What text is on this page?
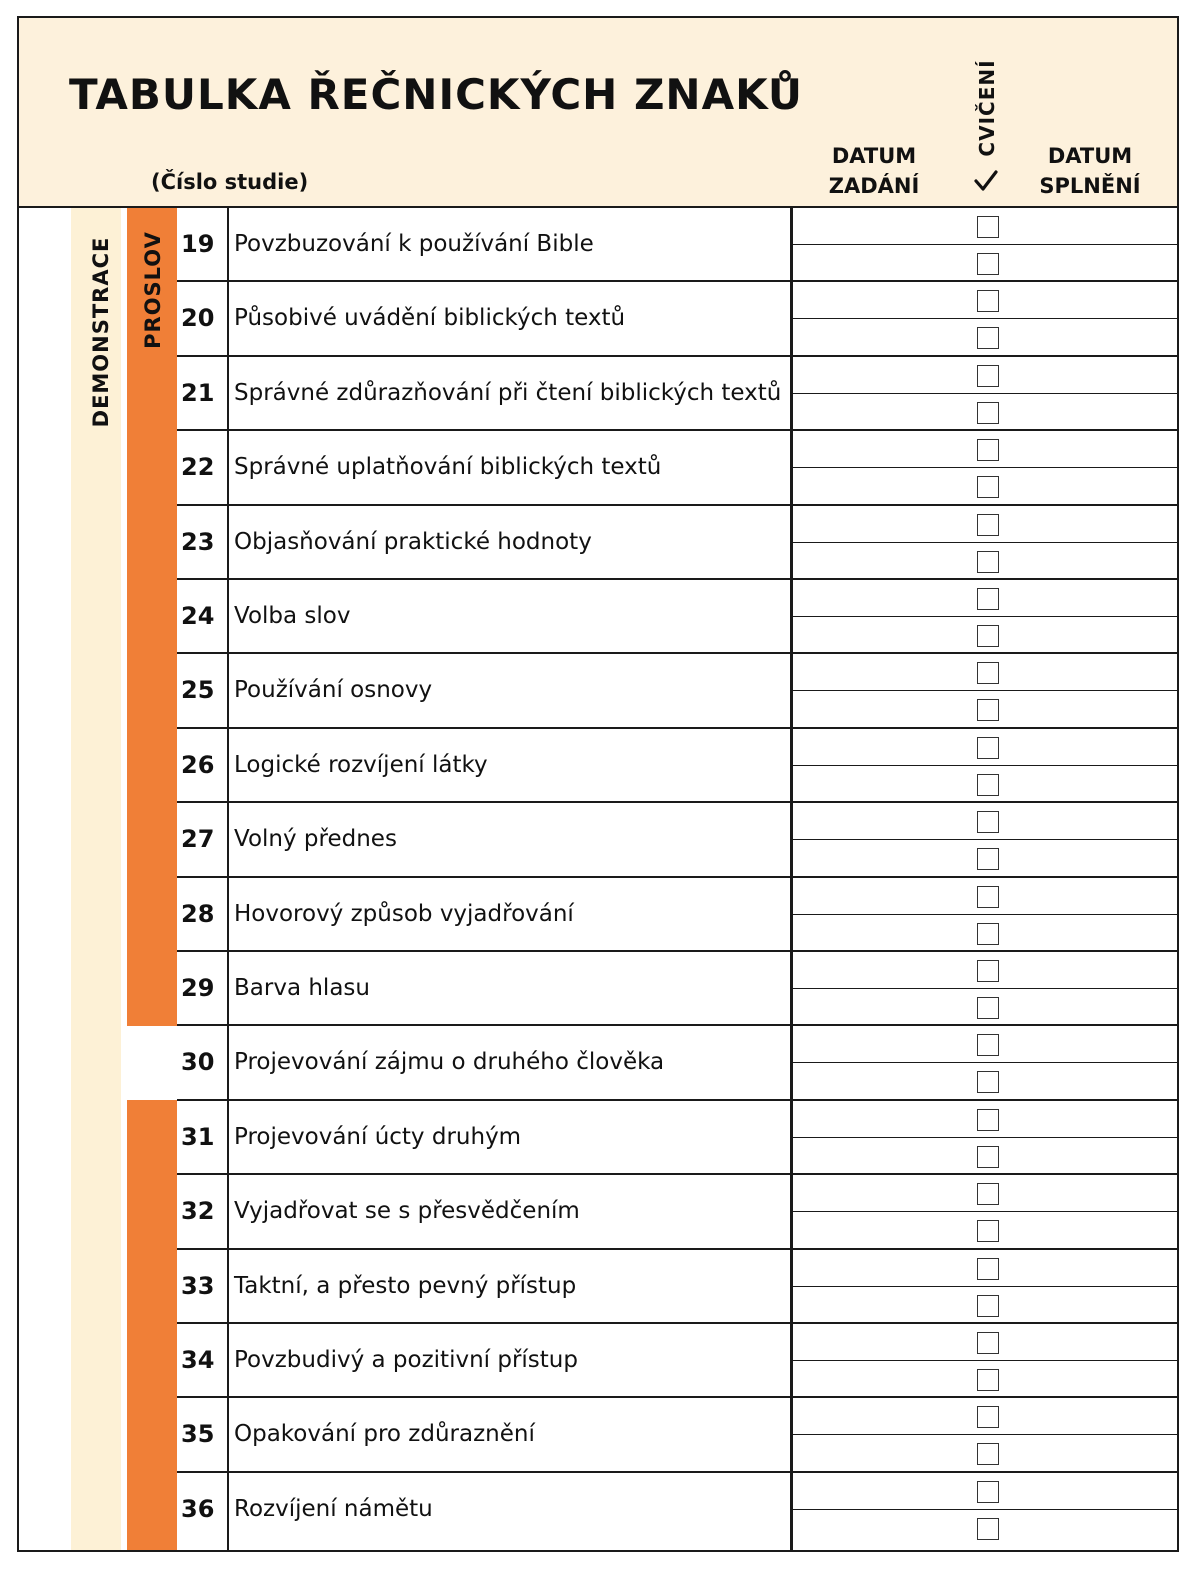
TABULKA ŘEČNICKÝCH ZNAKŮ
(Číslo studie)
DATUM
ZADÁNÍ
CVIČENÍ	DATUM
SPLNĚNÍ
DEMONSTRACE PROSLOV 19 Povzbuzování k používání Bible
20 Působivé uvádění biblických textů
21 Správné zdůrazňování při čtení biblických textů
22 Správné uplatňování biblických textů
23 Objasňování praktické hodnoty
24 Volba slov
25 Používání osnovy
26 Logické rozvíjení látky
27 Volný přednes
28 Hovorový způsob vyjadřování
29 Barva hlasu
30 Projevování zájmu o druhého člověka
31 Projevování úcty druhým
32 Vyjadřovat se s přesvědčením
33 Taktní, a přesto pevný přístup
34 Povzbudivý a pozitivní přístup
35 Opakování pro zdůraznění
36 Rozvíjení námětu
